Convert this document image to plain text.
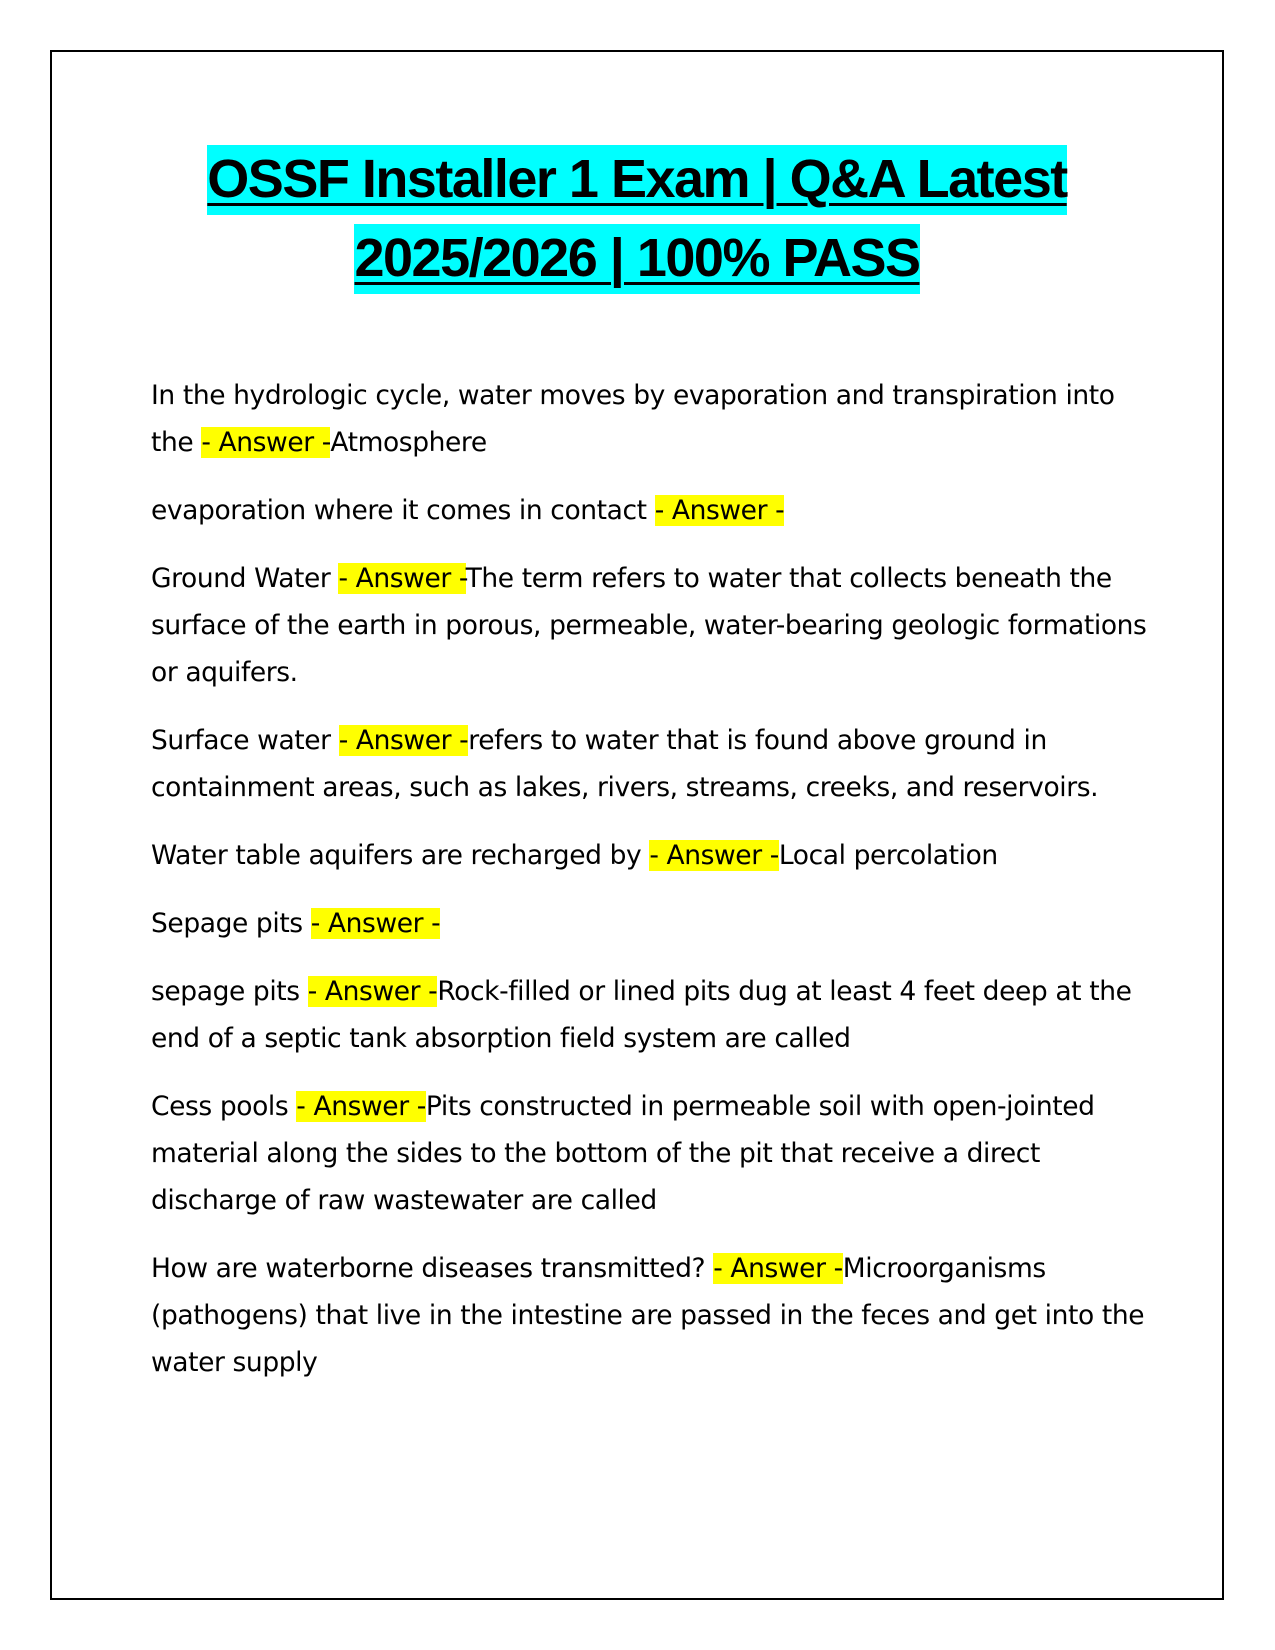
OSSF Installer 1 Exam | Q&A Latest
2025/2026 | 100% PASS

In the hydrologic cycle, water moves by evaporation and transpiration into the - Answer -Atmosphere

evaporation where it comes in contact - Answer -

Ground Water - Answer -The term refers to water that collects beneath the surface of the earth in porous, permeable, water-bearing geologic formations or aquifers.

Surface water - Answer -refers to water that is found above ground in containment areas, such as lakes, rivers, streams, creeks, and reservoirs.

Water table aquifers are recharged by - Answer -Local percolation

Sepage pits - Answer -

sepage pits - Answer -Rock-filled or lined pits dug at least 4 feet deep at the end of a septic tank absorption field system are called

Cess pools - Answer -Pits constructed in permeable soil with open-jointed material along the sides to the bottom of the pit that receive a direct discharge of raw wastewater are called

How are waterborne diseases transmitted? - Answer -Microorganisms (pathogens) that live in the intestine are passed in the feces and get into the water supply
